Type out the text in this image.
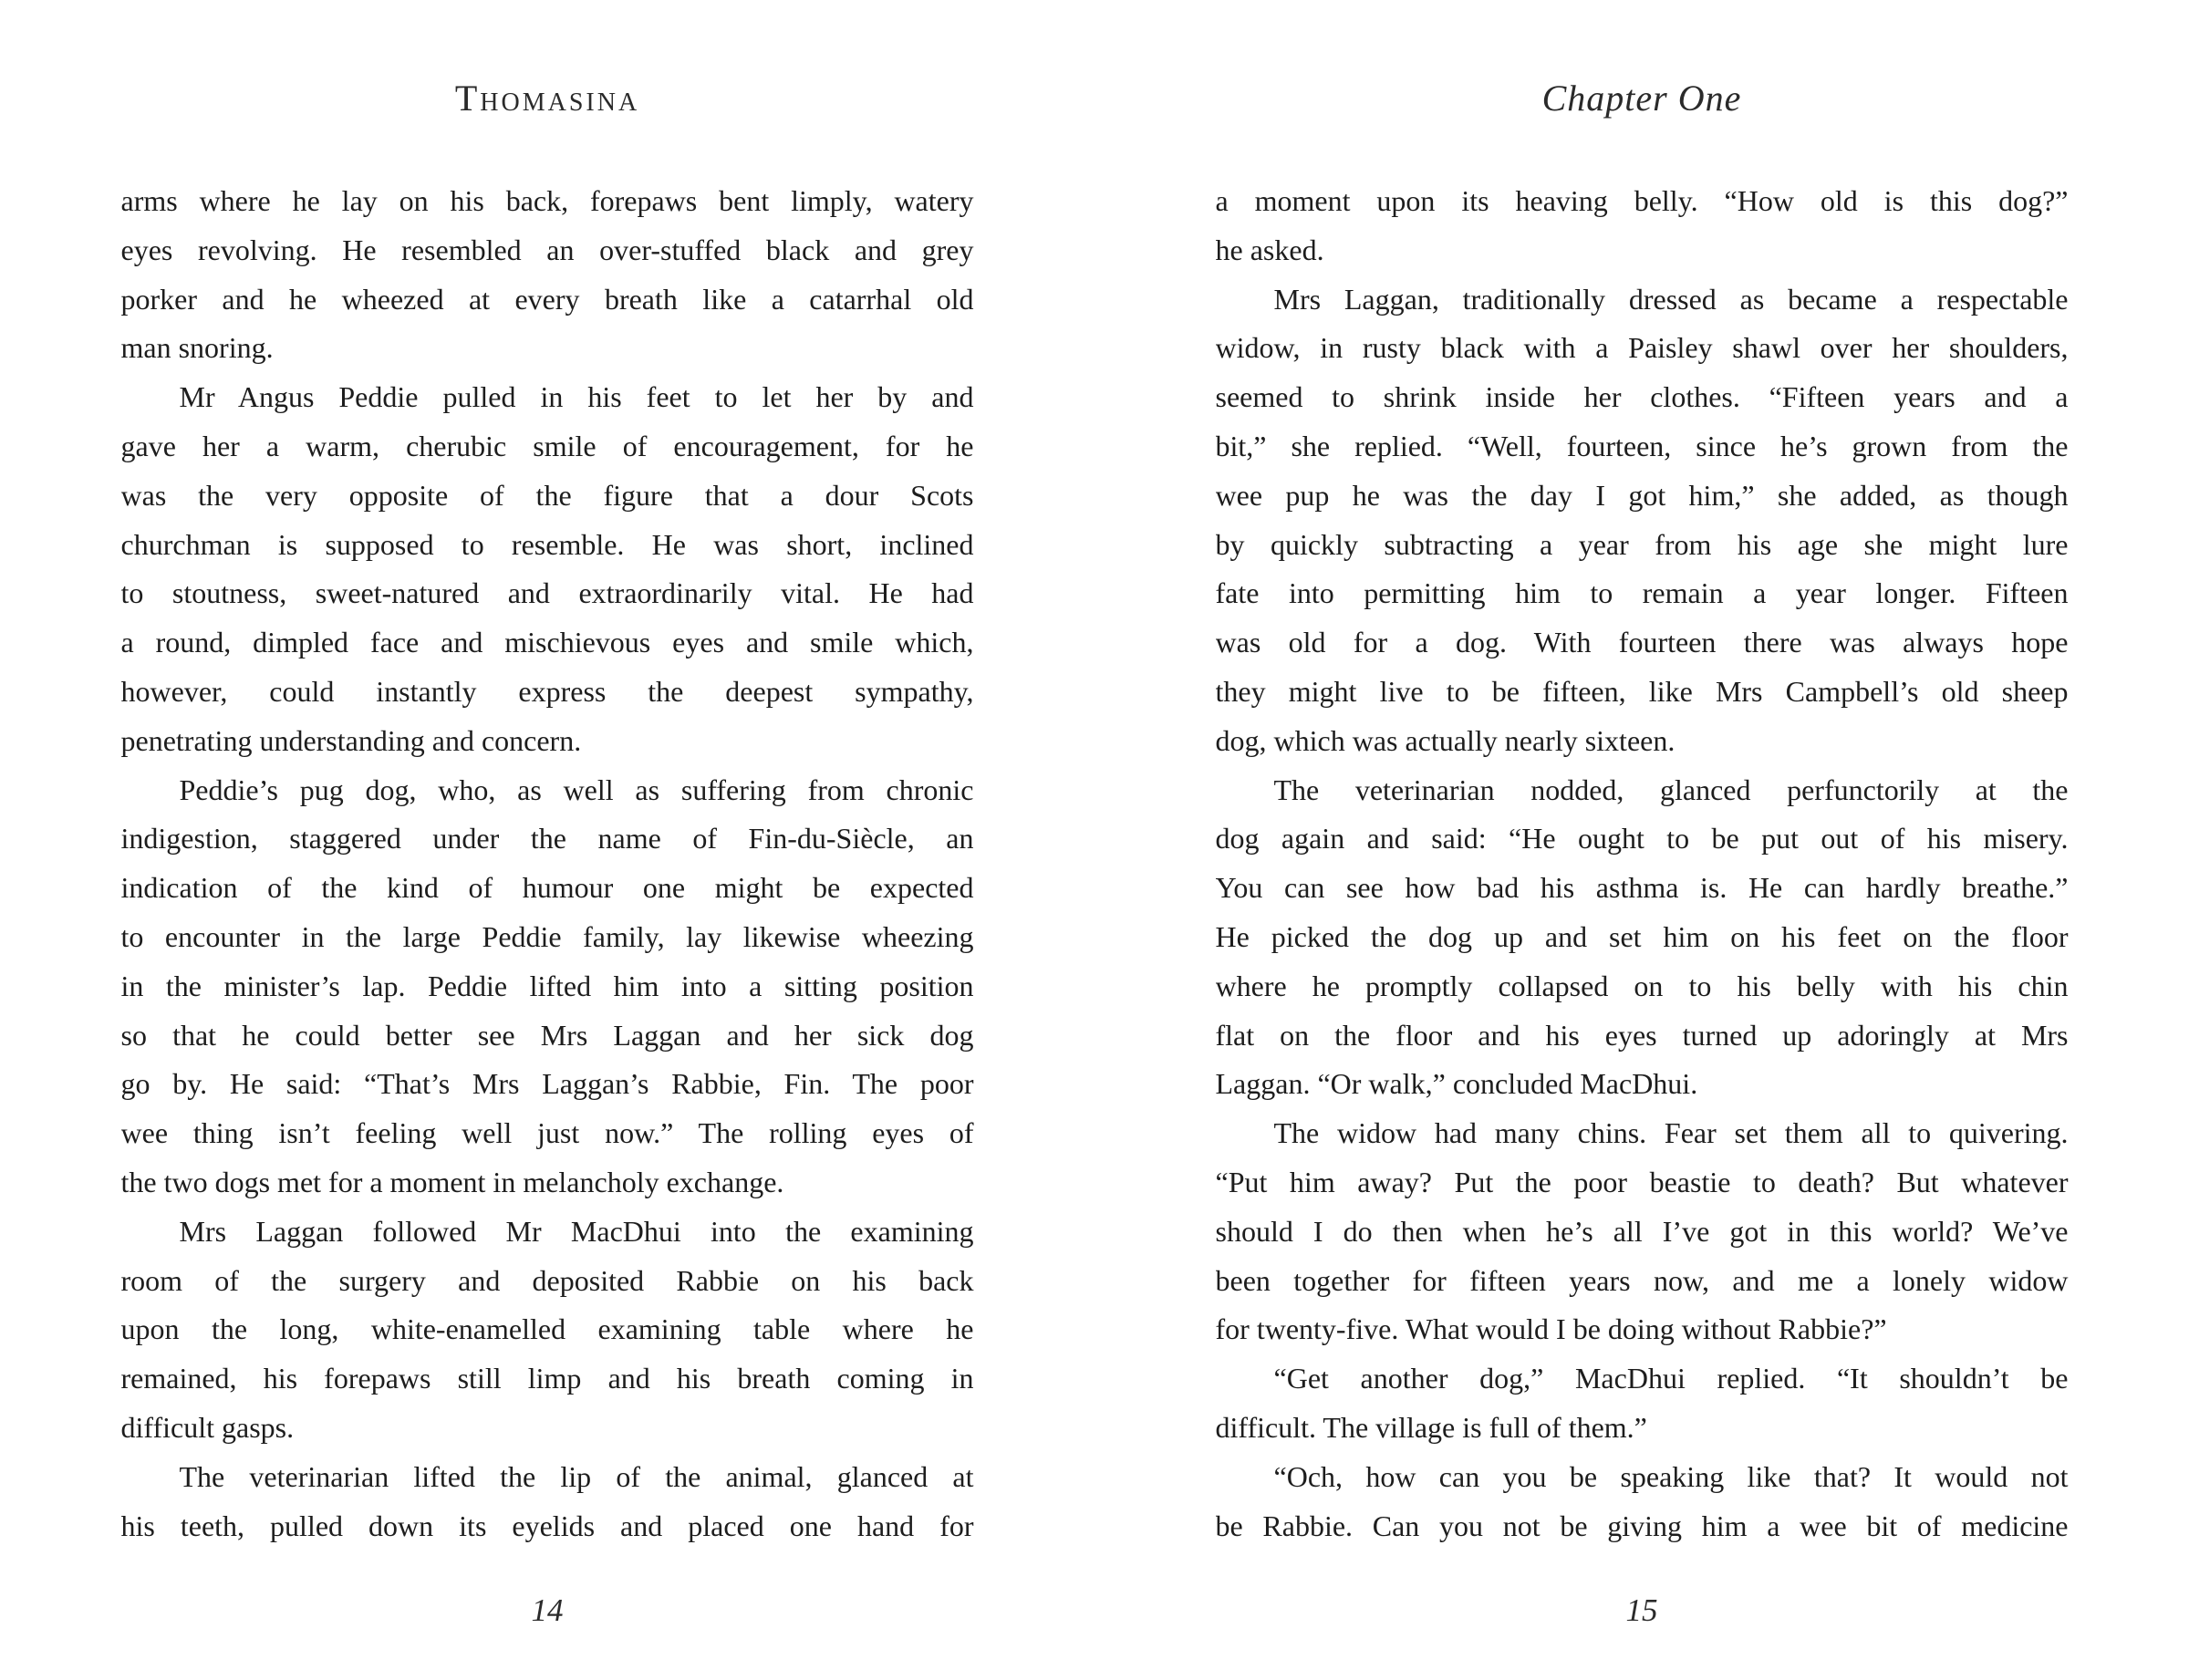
Thomasina
arms where he lay on his back, forepaws bent limply, watery
eyes revolving. He resembled an over-stuffed black and grey
porker and he wheezed at every breath like a catarrhal old
man snoring.
Mr Angus Peddie pulled in his feet to let her by and
gave her a warm, cherubic smile of encouragement, for he
was the very opposite of the figure that a dour Scots
churchman is supposed to resemble. He was short, inclined
to stoutness, sweet-natured and extraordinarily vital. He had
a round, dimpled face and mischievous eyes and smile which,
however, could instantly express the deepest sympathy,
penetrating understanding and concern.
Peddie’s pug dog, who, as well as suffering from chronic
indigestion, staggered under the name of Fin-du-Siècle, an
indication of the kind of humour one might be expected
to encounter in the large Peddie family, lay likewise wheezing
in the minister’s lap. Peddie lifted him into a sitting position
so that he could better see Mrs Laggan and her sick dog
go by. He said: “That’s Mrs Laggan’s Rabbie, Fin. The poor
wee thing isn’t feeling well just now.” The rolling eyes of
the two dogs met for a moment in melancholy exchange.
Mrs Laggan followed Mr MacDhui into the examining
room of the surgery and deposited Rabbie on his back
upon the long, white-enamelled examining table where he
remained, his forepaws still limp and his breath coming in
difficult gasps.
The veterinarian lifted the lip of the animal, glanced at
his teeth, pulled down its eyelids and placed one hand for
14
Chapter One
a moment upon its heaving belly. “How old is this dog?”
he asked.
Mrs Laggan, traditionally dressed as became a respectable
widow, in rusty black with a Paisley shawl over her shoulders,
seemed to shrink inside her clothes. “Fifteen years and a
bit,” she replied. “Well, fourteen, since he’s grown from the
wee pup he was the day I got him,” she added, as though
by quickly subtracting a year from his age she might lure
fate into permitting him to remain a year longer. Fifteen
was old for a dog. With fourteen there was always hope
they might live to be fifteen, like Mrs Campbell’s old sheep
dog, which was actually nearly sixteen.
The veterinarian nodded, glanced perfunctorily at the
dog again and said: “He ought to be put out of his misery.
You can see how bad his asthma is. He can hardly breathe.”
He picked the dog up and set him on his feet on the floor
where he promptly collapsed on to his belly with his chin
flat on the floor and his eyes turned up adoringly at Mrs
Laggan. “Or walk,” concluded MacDhui.
The widow had many chins. Fear set them all to quivering.
“Put him away? Put the poor beastie to death? But whatever
should I do then when he’s all I’ve got in this world? We’ve
been together for fifteen years now, and me a lonely widow
for twenty-five. What would I be doing without Rabbie?”
“Get another dog,” MacDhui replied. “It shouldn’t be
difficult. The village is full of them.”
“Och, how can you be speaking like that? It would not
be Rabbie. Can you not be giving him a wee bit of medicine
15
